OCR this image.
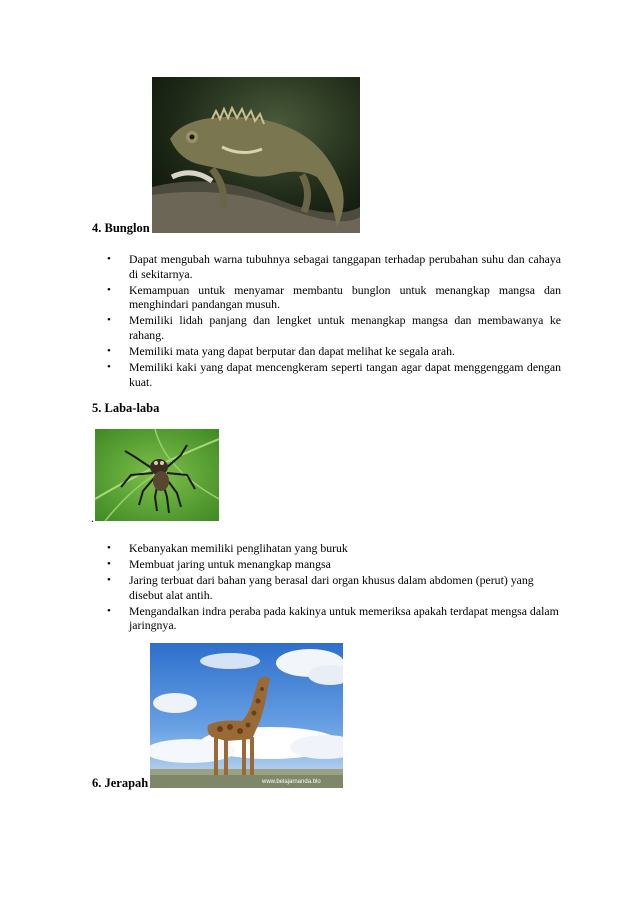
4. Bunglon
• Dapat mengubah warna tubuhnya sebagai tanggapan terhadap perubahan suhu dan cahaya di sekitarnya.
• Kemampuan untuk menyamar membantu bunglon untuk menangkap mangsa dan menghindari pandangan musuh.
• Memiliki lidah panjang dan lengket untuk menangkap mangsa dan membawanya ke rahang.
• Memiliki mata yang dapat berputar dan dapat melihat ke segala arah.
• Memiliki kaki yang dapat mencengkeram seperti tangan agar dapat menggenggam dengan kuat.
5. Laba-laba
.
• Kebanyakan memiliki penglihatan yang buruk
• Membuat jaring untuk menangkap mangsa
• Jaring terbuat dari bahan yang berasal dari organ khusus dalam abdomen (perut) yang disebut alat antih.
• Mengandalkan indra peraba pada kakinya untuk memeriksa apakah terdapat mengsa dalam jaringnya.
www.belajarnanda.blo
6. Jerapah
